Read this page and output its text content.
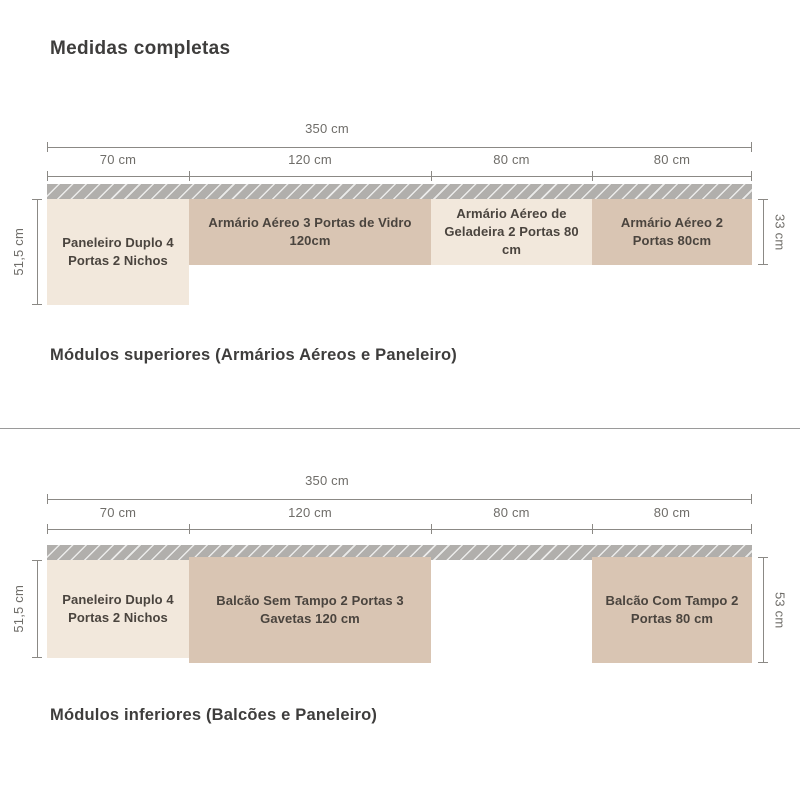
Medidas completas
350 cm
70 cm	120 cm	80 cm	80 cm
Paneleiro Duplo 4 Portas 2 Nichos
Armário Aéreo 3 Portas de Vidro 120cm
Armário Aéreo de Geladeira 2 Portas 80 cm
Armário Aéreo 2 Portas 80cm
51,5 cm	33 cm
Módulos superiores (Armários Aéreos e Paneleiro)
350 cm
70 cm	120 cm	80 cm	80 cm
Paneleiro Duplo 4 Portas 2 Nichos
Balcão Sem Tampo 2 Portas 3 Gavetas 120 cm
Balcão Com Tampo 2 Portas 80 cm
51,5 cm	53 cm
Módulos inferiores (Balcões e Paneleiro)
